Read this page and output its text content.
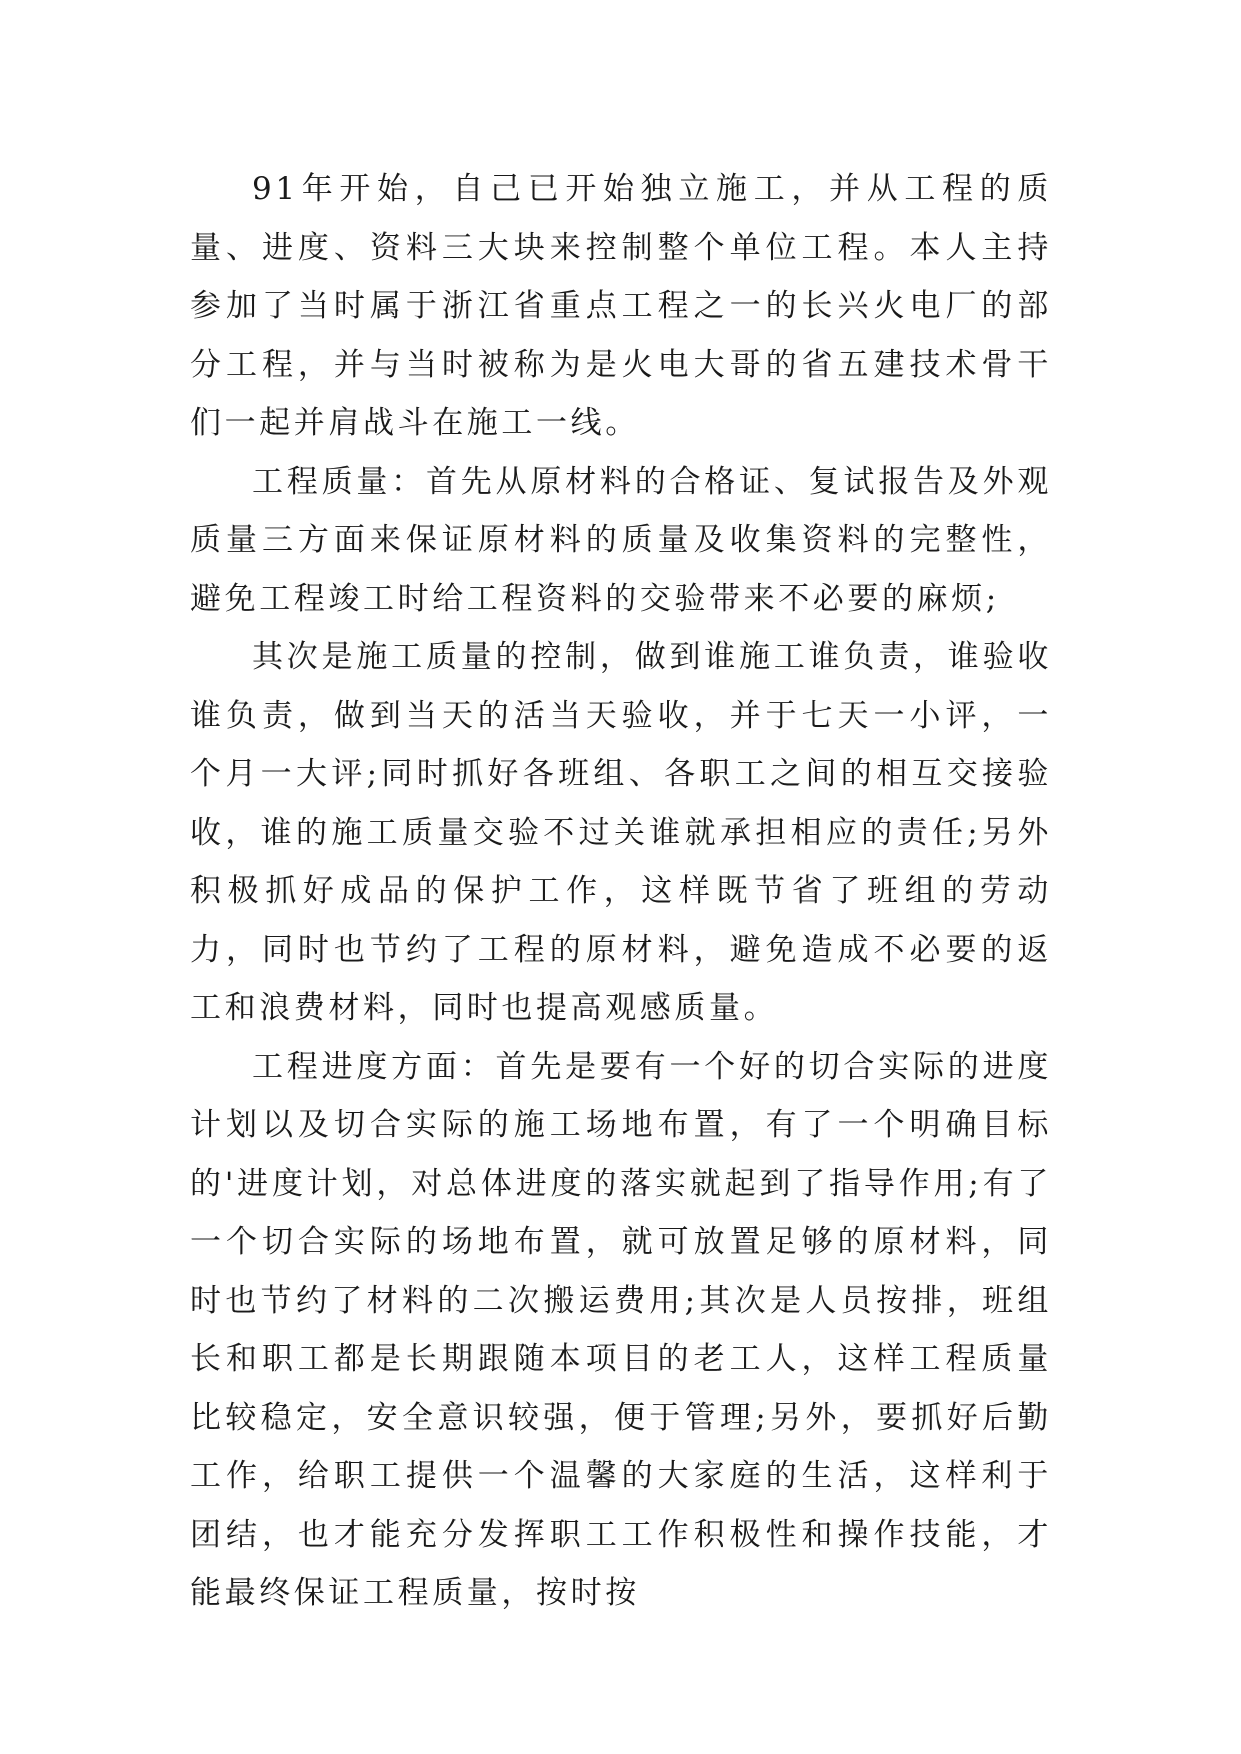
91年开始，自己已开始独立施工，并从工程的质量、进度、资料三大块来控制整个单位工程。本人主持参加了当时属于浙江省重点工程之一的长兴火电厂的部分工程，并与当时被称为是火电大哥的省五建技术骨干们一起并肩战斗在施工一线。

工程质量：首先从原材料的合格证、复试报告及外观质量三方面来保证原材料的质量及收集资料的完整性，避免工程竣工时给工程资料的交验带来不必要的麻烦;

其次是施工质量的控制，做到谁施工谁负责，谁验收谁负责，做到当天的活当天验收，并于七天一小评，一个月一大评;同时抓好各班组、各职工之间的相互交接验收，谁的施工质量交验不过关谁就承担相应的责任;另外积极抓好成品的保护工作，这样既节省了班组的劳动力，同时也节约了工程的原材料，避免造成不必要的返工和浪费材料，同时也提高观感质量。

工程进度方面：首先是要有一个好的切合实际的进度计划以及切合实际的施工场地布置，有了一个明确目标的'进度计划，对总体进度的落实就起到了指导作用;有了一个切合实际的场地布置，就可放置足够的原材料，同时也节约了材料的二次搬运费用;其次是人员按排，班组长和职工都是长期跟随本项目的老工人，这样工程质量比较稳定，安全意识较强，便于管理;另外，要抓好后勤工作，给职工提供一个温馨的大家庭的生活，这样利于团结，也才能充分发挥职工工作积极性和操作技能，才能最终保证工程质量，按时按
